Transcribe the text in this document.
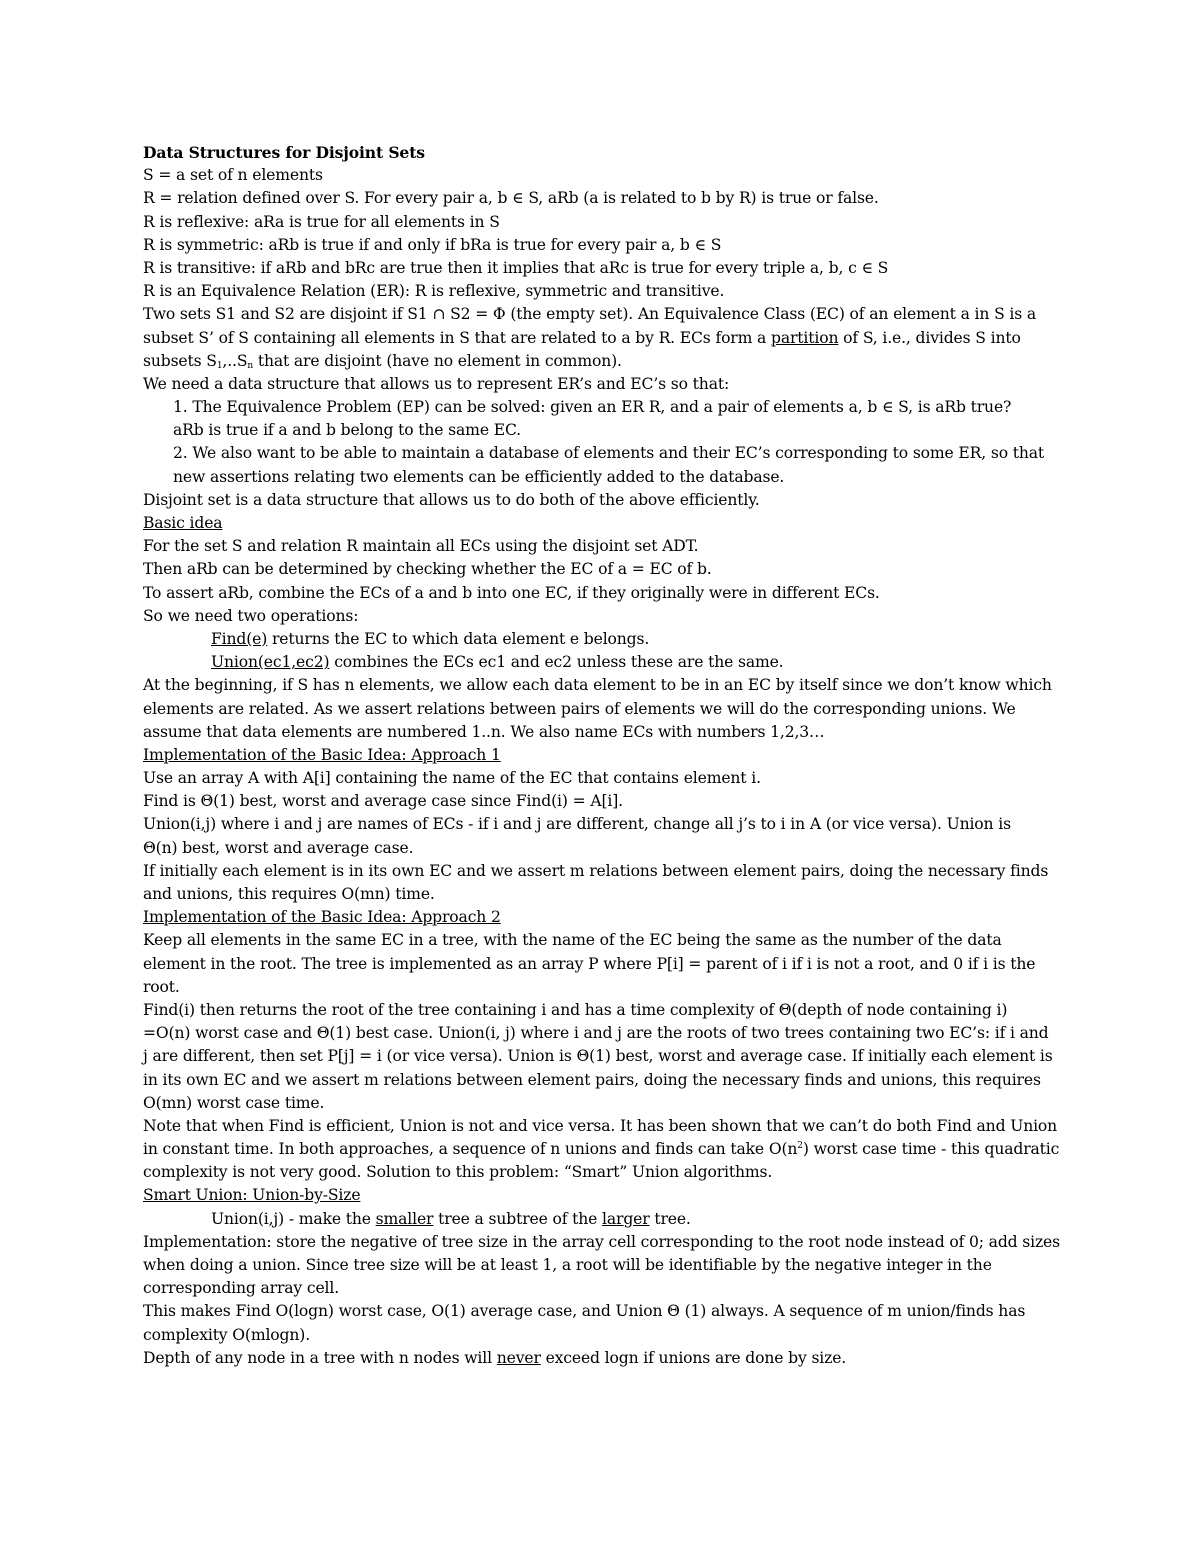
Data Structures for Disjoint Sets
S = a set of n elements
R = relation defined over S. For every pair a, b ∈ S, aRb (a is related to b by R) is true or false.
R is reflexive: aRa is true for all elements in S
R is symmetric: aRb is true if and only if bRa is true for every pair a, b ∈ S
R is transitive: if aRb and bRc are true then it implies that aRc is true for every triple a, b, c ∈ S
R is an Equivalence Relation (ER): R is reflexive, symmetric and transitive.
Two sets S1 and S2 are disjoint if S1 ∩ S2 = Φ (the empty set). An Equivalence Class (EC) of an element a in S is a
subset S’ of S containing all elements in S that are related to a by R. ECs form a partition of S, i.e., divides S into
subsets $S_1,..S_n$ that are disjoint (have no element in common).
We need a data structure that allows us to represent ER’s and EC’s so that:
1. The Equivalence Problem (EP) can be solved: given an ER R, and a pair of elements a, b ∈ S, is aRb true?
aRb is true if a and b belong to the same EC.
2. We also want to be able to maintain a database of elements and their EC’s corresponding to some ER, so that
new assertions relating two elements can be efficiently added to the database.
Disjoint set is a data structure that allows us to do both of the above efficiently.
Basic idea
For the set S and relation R maintain all ECs using the disjoint set ADT.
Then aRb can be determined by checking whether the EC of a = EC of b.
To assert aRb, combine the ECs of a and b into one EC, if they originally were in different ECs.
So we need two operations:
Find(e) returns the EC to which data element e belongs.
Union(ec1,ec2) combines the ECs ec1 and ec2 unless these are the same.
At the beginning, if S has n elements, we allow each data element to be in an EC by itself since we don’t know which
elements are related. As we assert relations between pairs of elements we will do the corresponding unions. We
assume that data elements are numbered 1..n. We also name ECs with numbers 1,2,3…
Implementation of the Basic Idea: Approach 1
Use an array A with A[i] containing the name of the EC that contains element i.
Find is Θ(1) best, worst and average case since Find(i) = A[i].
Union(i,j) where i and j are names of ECs - if i and j are different, change all j’s to i in A (or vice versa). Union is
Θ(n) best, worst and average case.
If initially each element is in its own EC and we assert m relations between element pairs, doing the necessary finds
and unions, this requires O(mn) time.
Implementation of the Basic Idea: Approach 2
Keep all elements in the same EC in a tree, with the name of the EC being the same as the number of the data
element in the root. The tree is implemented as an array P where P[i] = parent of i if i is not a root, and 0 if i is the
root.
Find(i) then returns the root of the tree containing i and has a time complexity of Θ(depth of node containing i)
=O(n) worst case and Θ(1) best case. Union(i, j) where i and j are the roots of two trees containing two EC’s: if i and
j are different, then set P[j] = i (or vice versa). Union is Θ(1) best, worst and average case. If initially each element is
in its own EC and we assert m relations between element pairs, doing the necessary finds and unions, this requires
O(mn) worst case time.
Note that when Find is efficient, Union is not and vice versa. It has been shown that we can’t do both Find and Union
in constant time. In both approaches, a sequence of n unions and finds can take $O(n^2)$ worst case time - this quadratic
complexity is not very good. Solution to this problem: “Smart” Union algorithms.
Smart Union: Union-by-Size
Union(i,j) - make the smaller tree a subtree of the larger tree.
Implementation: store the negative of tree size in the array cell corresponding to the root node instead of 0; add sizes
when doing a union. Since tree size will be at least 1, a root will be identifiable by the negative integer in the
corresponding array cell.
This makes Find O(logn) worst case, O(1) average case, and Union Θ (1) always. A sequence of m union/finds has
complexity O(mlogn).
Depth of any node in a tree with n nodes will never exceed logn if unions are done by size.
